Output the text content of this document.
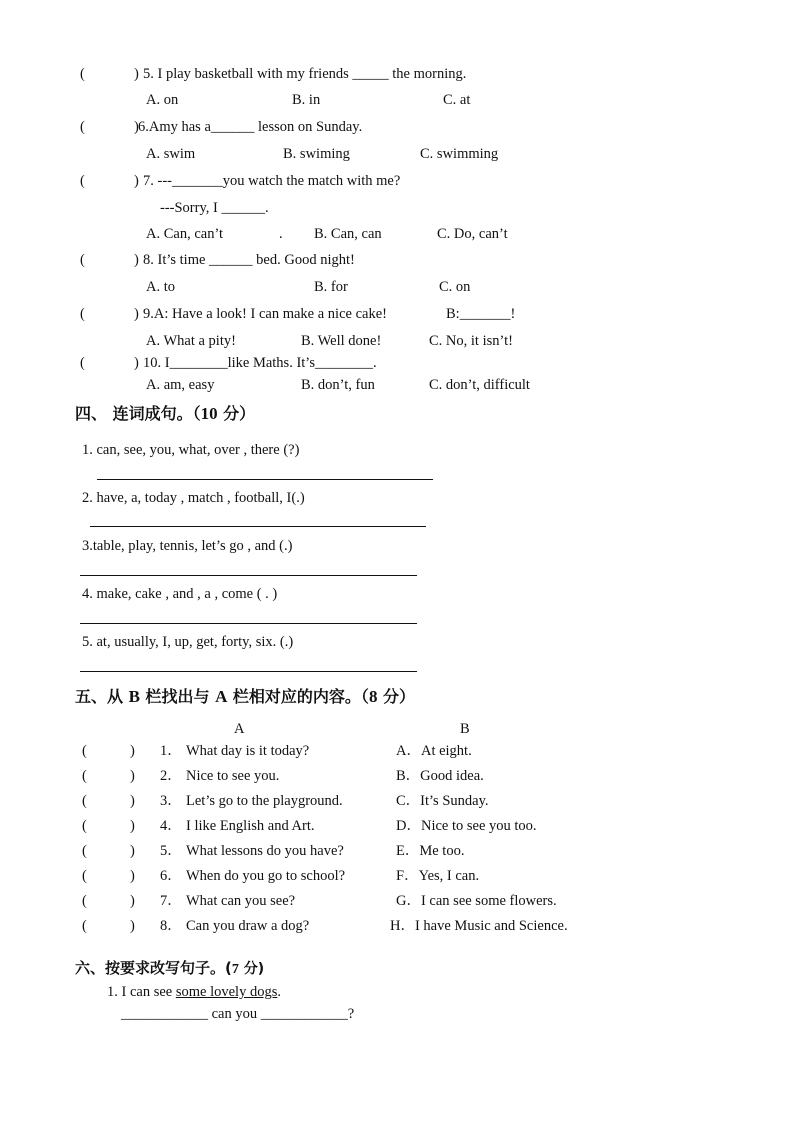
(	) 5. I play basketball with my friends _____ the morning.
A. on	B. in	C. at
(	) 6.Amy has a______ lesson on Sunday.
A. swim	B. swiming	C. swimming
(	) 7. ---_______you watch the match with me?
---Sorry, I ______.
A. Can, can’t	. B. Can, can	C. Do, can’t
(	) 8. It’s time ______ bed. Good night!
A. to	B. for	C. on
(	) 9.A: Have a look! I can make a nice cake!	B:_______!
A. What a pity!	B. Well done!	C. No, it isn’t!
(	) 10. I________like Maths. It’s________.
A. am, easy	B. don’t, fun	C. don’t, difficult
四、 连词成句。（10 分）
1. can, see, you, what, over , there (?)
2. have, a, today , match , football, I(.)
3.table, play, tennis, let’s go , and (.)
4. make, cake , and , a , come ( . )
5. at, usually, I, up, get, forty, six. (.)
五、从 B 栏找出与 A 栏相对应的内容。（8 分）
A	B
(	) 1． What day is it today?	A．At eight.
(	) 2． Nice to see you.	B．Good idea.
(	) 3． Let’s go to the playground.	C．It’s Sunday.
(	) 4． I like English and Art.	D．Nice to see you too.
(	) 5． What lessons do you have?	E．Me too.
(	) 6． When do you go to school?	F．Yes, I can.
(	) 7． What can you see?	G．I can see some flowers.
(	) 8． Can you draw a dog?	H．I have Music and Science.
六、按要求改写句子。(7 分)
1. I can see some lovely dogs.
____________ can you ____________?
